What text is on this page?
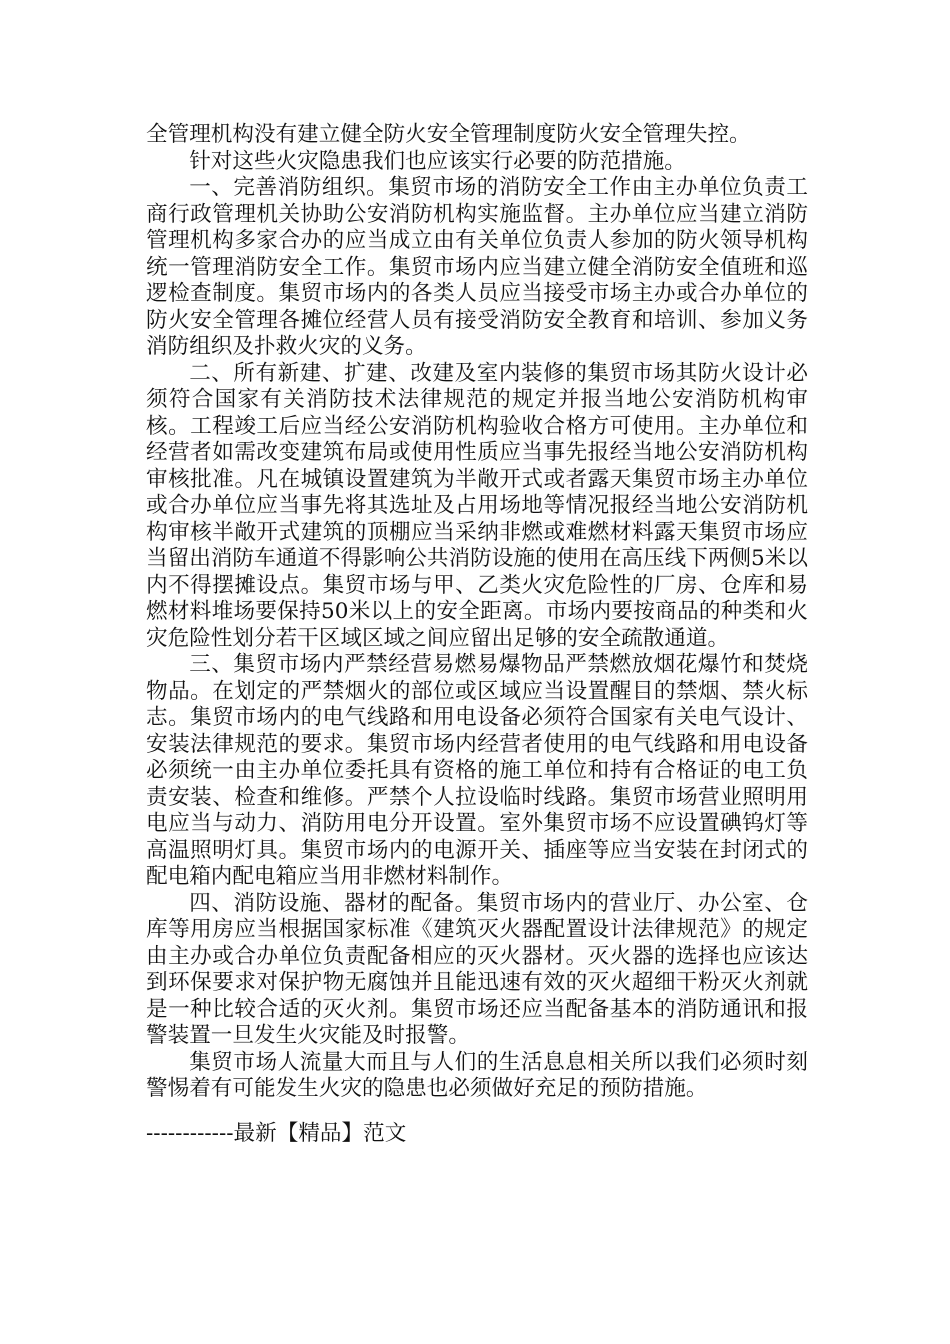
全管理机构没有建立健全防火安全管理制度防火安全管理失控。

针对这些火灾隐患我们也应该实行必要的防范措施。

一、完善消防组织。集贸市场的消防安全工作由主办单位负责工商行政管理机关协助公安消防机构实施监督。主办单位应当建立消防管理机构多家合办的应当成立由有关单位负责人参加的防火领导机构统一管理消防安全工作。集贸市场内应当建立健全消防安全值班和巡逻检查制度。集贸市场内的各类人员应当接受市场主办或合办单位的防火安全管理各摊位经营人员有接受消防安全教育和培训、参加义务消防组织及扑救火灾的义务。

二、所有新建、扩建、改建及室内装修的集贸市场其防火设计必须符合国家有关消防技术法律规范的规定并报当地公安消防机构审核。工程竣工后应当经公安消防机构验收合格方可使用。主办单位和经营者如需改变建筑布局或使用性质应当事先报经当地公安消防机构审核批准。凡在城镇设置建筑为半敞开式或者露天集贸市场主办单位或合办单位应当事先将其选址及占用场地等情况报经当地公安消防机构审核半敞开式建筑的顶棚应当采纳非燃或难燃材料露天集贸市场应当留出消防车通道不得影响公共消防设施的使用在高压线下两侧5米以内不得摆摊设点。集贸市场与甲、乙类火灾危险性的厂房、仓库和易燃材料堆场要保持50米以上的安全距离。市场内要按商品的种类和火灾危险性划分若干区域区域之间应留出足够的安全疏散通道。

三、集贸市场内严禁经营易燃易爆物品严禁燃放烟花爆竹和焚烧物品。在划定的严禁烟火的部位或区域应当设置醒目的禁烟、禁火标志。集贸市场内的电气线路和用电设备必须符合国家有关电气设计、安装法律规范的要求。集贸市场内经营者使用的电气线路和用电设备必须统一由主办单位委托具有资格的施工单位和持有合格证的电工负责安装、检查和维修。严禁个人拉设临时线路。集贸市场营业照明用电应当与动力、消防用电分开设置。室外集贸市场不应设置碘钨灯等高温照明灯具。集贸市场内的电源开关、插座等应当安装在封闭式的配电箱内配电箱应当用非燃材料制作。

四、消防设施、器材的配备。集贸市场内的营业厅、办公室、仓库等用房应当根据国家标准《建筑灭火器配置设计法律规范》的规定由主办或合办单位负责配备相应的灭火器材。灭火器的选择也应该达到环保要求对保护物无腐蚀并且能迅速有效的灭火超细干粉灭火剂就是一种比较合适的灭火剂。集贸市场还应当配备基本的消防通讯和报警装置一旦发生火灾能及时报警。

集贸市场人流量大而且与人们的生活息息相关所以我们必须时刻警惕着有可能发生火灾的隐患也必须做好充足的预防措施。

------------最新【精品】范文
